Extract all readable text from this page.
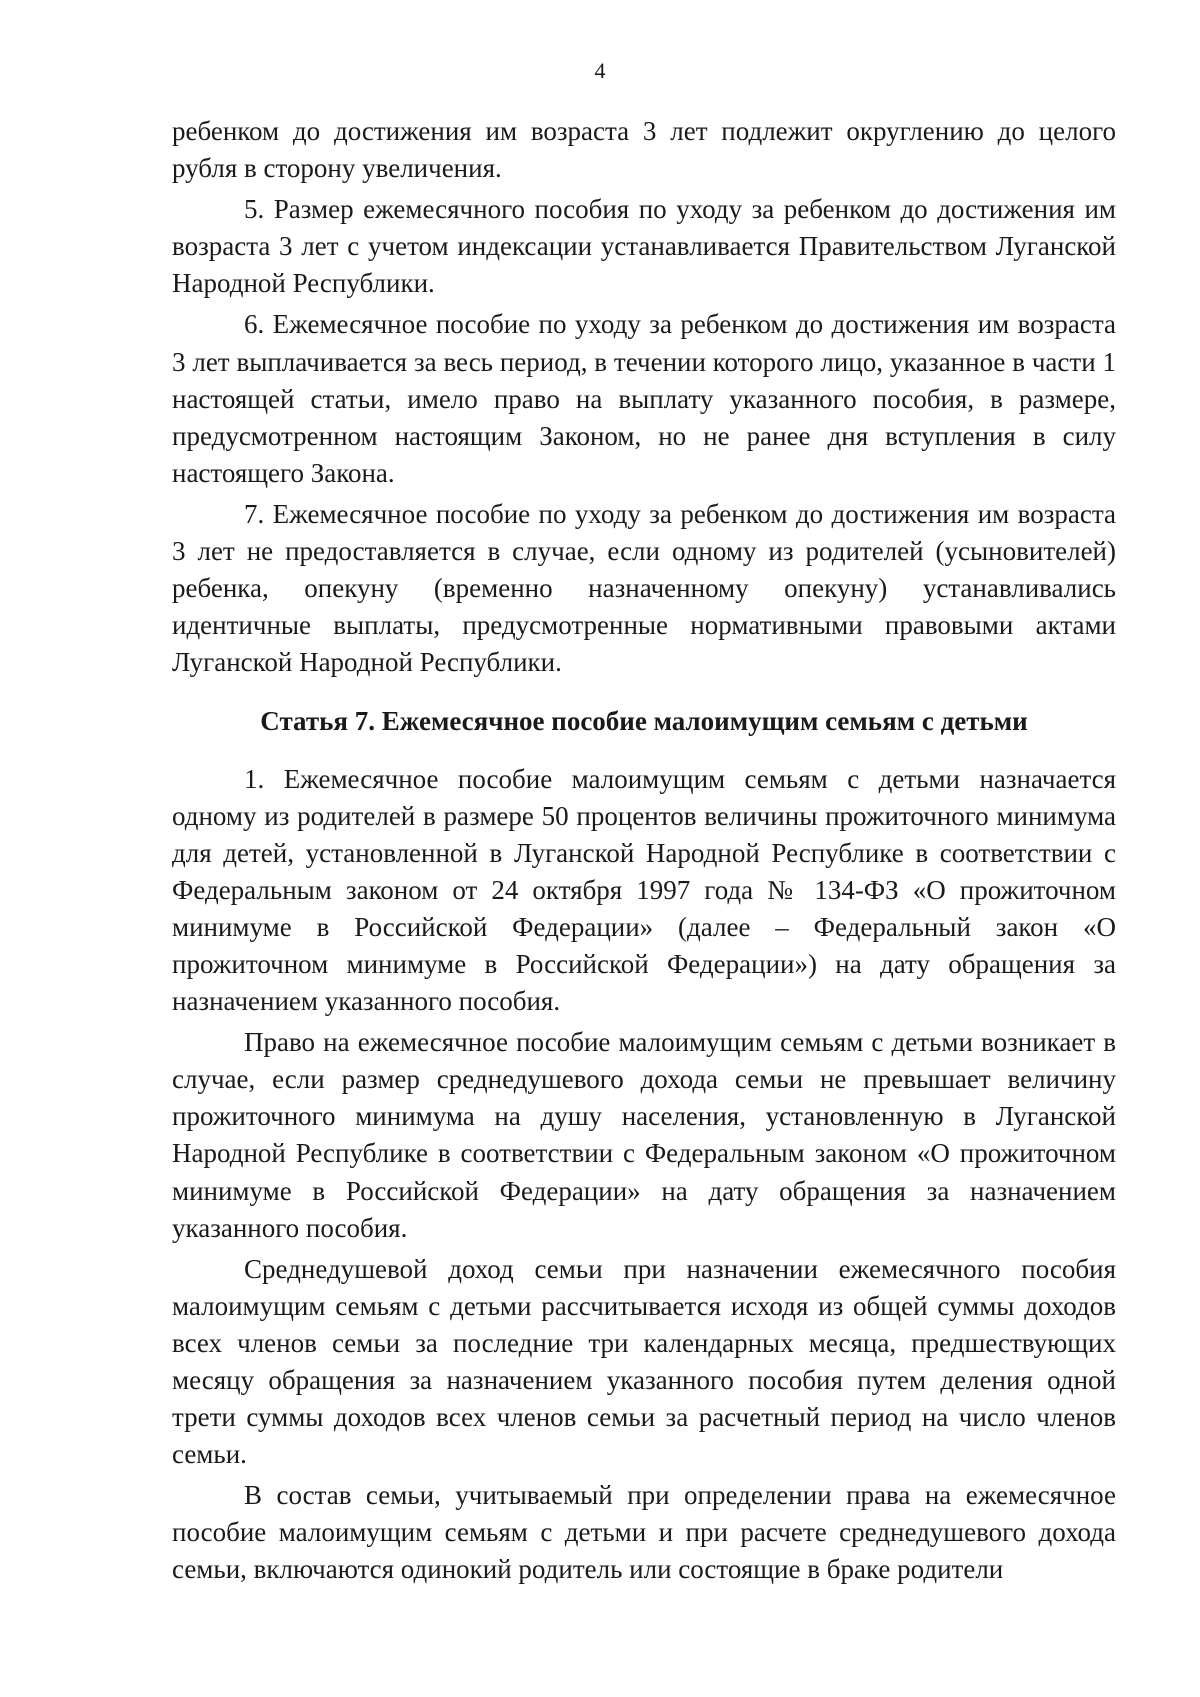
4

ребенком до достижения им возраста 3 лет подлежит округлению до целого рубля в сторону увеличения.

5. Размер ежемесячного пособия по уходу за ребенком до достижения им возраста 3 лет с учетом индексации устанавливается Правительством Луганской Народной Республики.

6. Ежемесячное пособие по уходу за ребенком до достижения им возраста 3 лет выплачивается за весь период, в течении которого лицо, указанное в части 1 настоящей статьи, имело право на выплату указанного пособия, в размере, предусмотренном настоящим Законом, но не ранее дня вступления в силу настоящего Закона.

7. Ежемесячное пособие по уходу за ребенком до достижения им возраста 3 лет не предоставляется в случае, если одному из родителей (усыновителей) ребенка, опекуну (временно назначенному опекуну) устанавливались идентичные выплаты, предусмотренные нормативными правовыми актами Луганской Народной Республики.

Статья 7. Ежемесячное пособие малоимущим семьям с детьми

1. Ежемесячное пособие малоимущим семьям с детьми назначается одному из родителей в размере 50 процентов величины прожиточного минимума для детей, установленной в Луганской Народной Республике в соответствии с Федеральным законом от 24 октября 1997 года № 134-ФЗ «О прожиточном минимуме в Российской Федерации» (далее – Федеральный закон «О прожиточном минимуме в Российской Федерации») на дату обращения за назначением указанного пособия.

Право на ежемесячное пособие малоимущим семьям с детьми возникает в случае, если размер среднедушевого дохода семьи не превышает величину прожиточного минимума на душу населения, установленную в Луганской Народной Республике в соответствии с Федеральным законом «О прожиточном минимуме в Российской Федерации» на дату обращения за назначением указанного пособия.

Среднедушевой доход семьи при назначении ежемесячного пособия малоимущим семьям с детьми рассчитывается исходя из общей суммы доходов всех членов семьи за последние три календарных месяца, предшествующих месяцу обращения за назначением указанного пособия путем деления одной трети суммы доходов всех членов семьи за расчетный период на число членов семьи.

В состав семьи, учитываемый при определении права на ежемесячное пособие малоимущим семьям с детьми и при расчете среднедушевого дохода семьи, включаются одинокий родитель или состоящие в браке родители
